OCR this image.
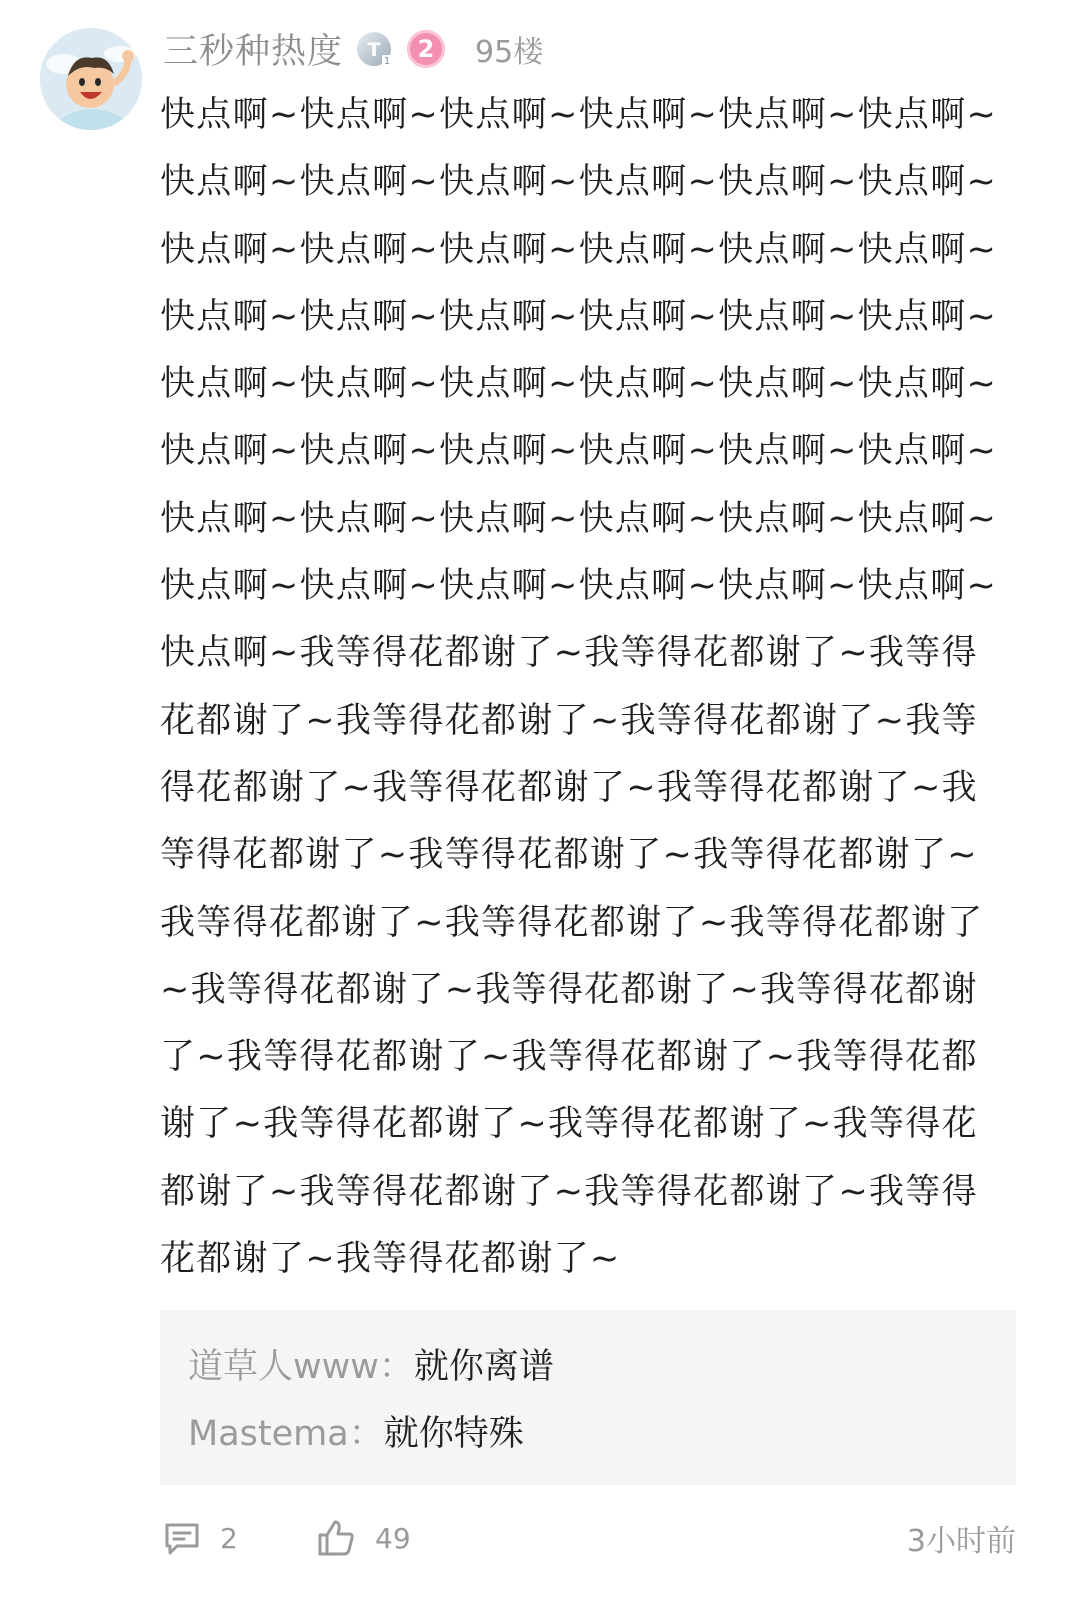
三秒种热度 T
1	2	95楼

快点啊~快点啊~快点啊~快点啊~快点啊~快点啊~快点啊~快点啊~快点啊~快点啊~快点啊~快点啊~快点啊~快点啊~快点啊~快点啊~快点啊~快点啊~快点啊~快点啊~快点啊~快点啊~快点啊~快点啊~快点啊~快点啊~快点啊~快点啊~快点啊~快点啊~快点啊~快点啊~快点啊~快点啊~快点啊~快点啊~快点啊~快点啊~快点啊~快点啊~快点啊~快点啊~快点啊~快点啊~快点啊~快点啊~快点啊~快点啊~快点啊~我等得花都谢了~我等得花都谢了~我等得花都谢了~我等得花都谢了~我等得花都谢了~我等得花都谢了~我等得花都谢了~我等得花都谢了~我等得花都谢了~我等得花都谢了~我等得花都谢了~我等得花都谢了~我等得花都谢了~我等得花都谢了~我等得花都谢了~我等得花都谢了~我等得花都谢了~我等得花都谢了~我等得花都谢了~我等得花都谢了~我等得花都谢了~我等得花都谢了~我等得花都谢了~我等得花都谢了~我等得花都谢了~我等得花都谢了~我等得花都谢了~

道草人www：就你离谱
Mastema：就你特殊
2	49	3小时前
